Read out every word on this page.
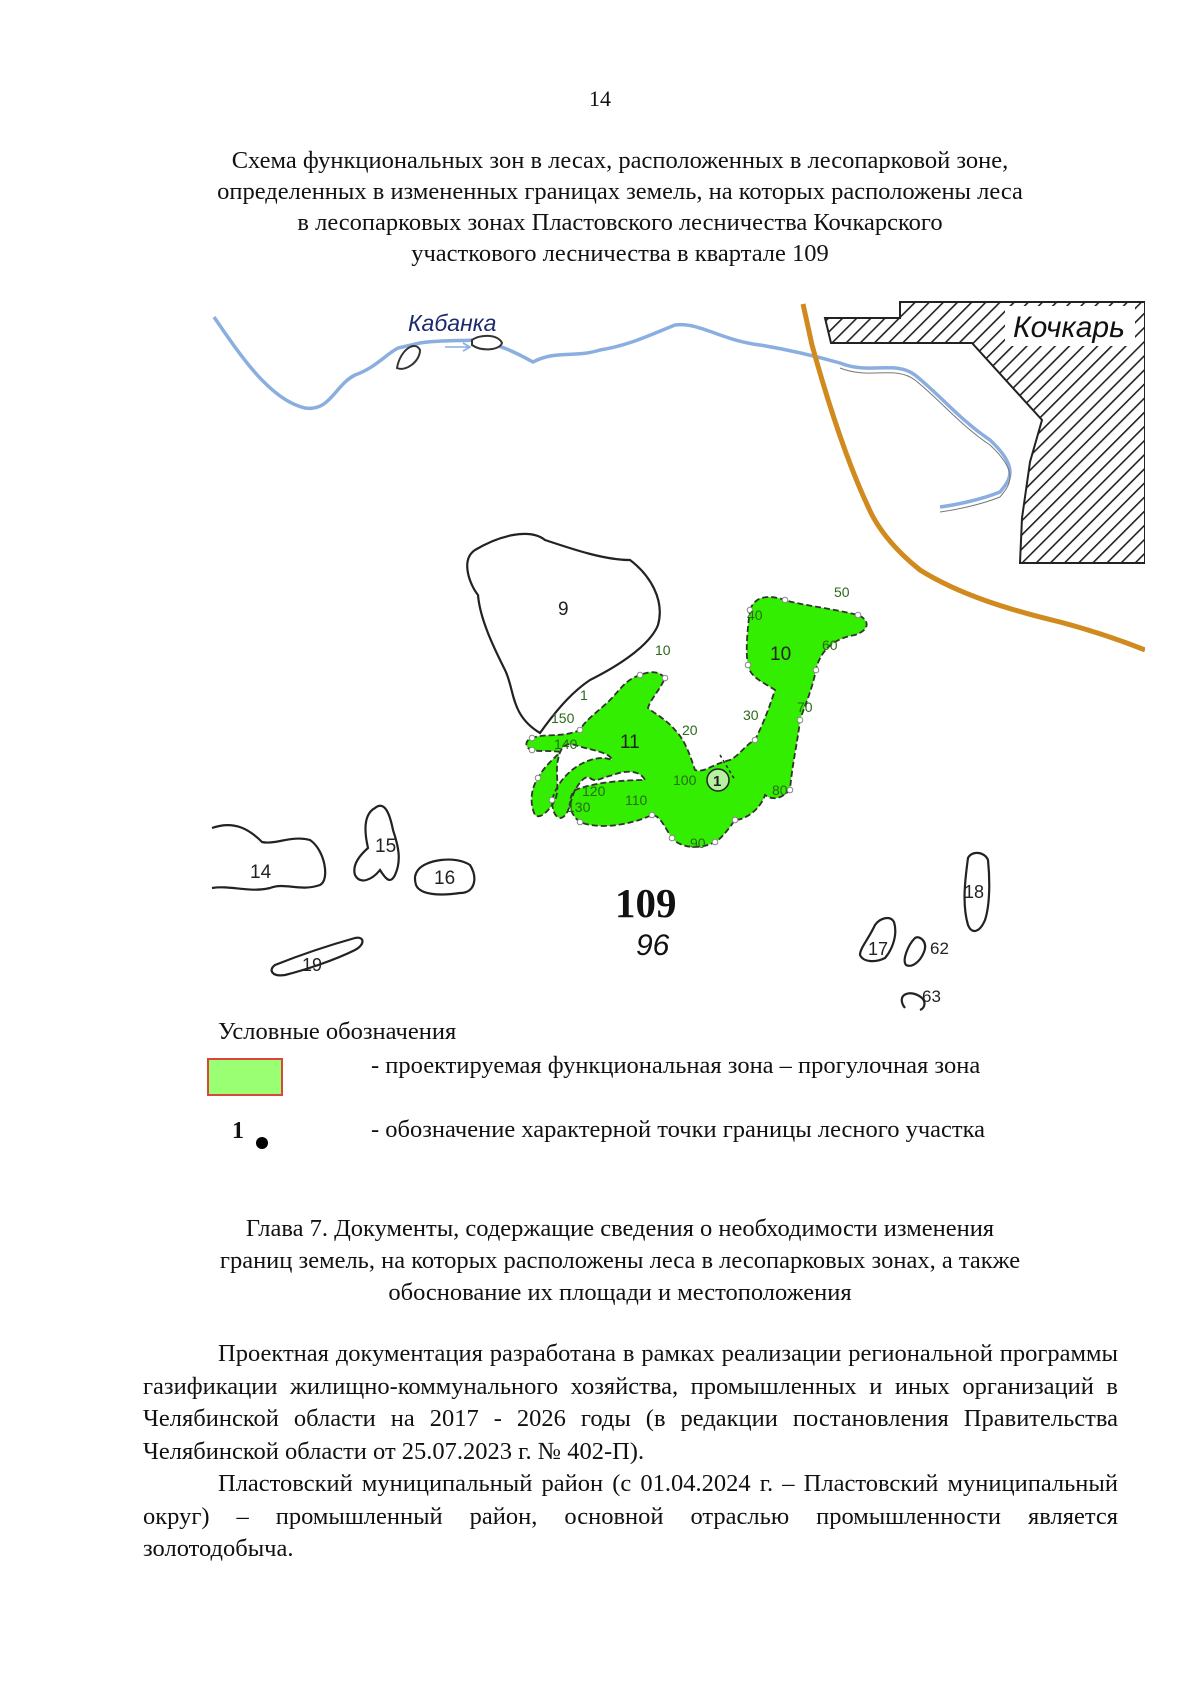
14
Схема функциональных зон в лесах, расположенных в лесопарковой зоне,
определенных в измененных границах земель, на которых расположены леса
в лесопарковых зонах Пластовского лесничества Кочкарского
участкового лесничества в квартале 109
Кочкарь
Кабанка
9
10
11
1
1
10
20
30
40
50
60
70
80
90
100
110
120
130
140
150
14
15
16
17
18
19
62
63
109
96
Условные обозначения
- проектируемая функциональная зона – прогулочная зона
1	- обозначение характерной точки границы лесного участка
Глава 7. Документы, содержащие сведения о необходимости изменения
границ земель, на которых расположены леса в лесопарковых зонах, а также
обоснование их площади и местоположения

Проектная документация разработана в рамках реализации региональной программы газификации жилищно-коммунального хозяйства, промышленных и иных организаций в Челябинской области на 2017 - 2026 годы (в редакции постановления Правительства Челябинской области от 25.07.2023 г. № 402-П).

Пластовский муниципальный район (с 01.04.2024 г. – Пластовский муниципальный округ) – промышленный район, основной отраслью промышленности является золотодобыча.
